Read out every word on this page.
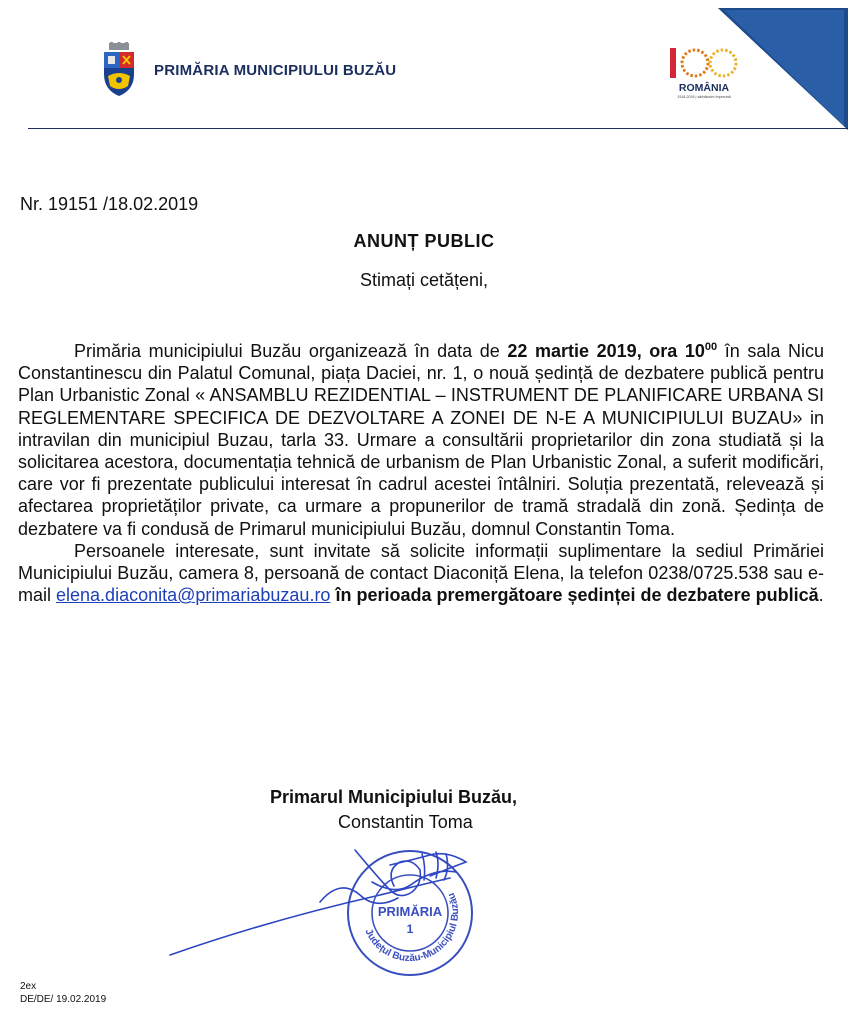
PRIMĂRIA MUNICIPIULUI BUZĂU
ROMÂNIA
1918-2018 | sărbătorim împreună
Nr. 19151 /18.02.2019
ANUNȚ PUBLIC
Stimați cetățeni,

Primăria municipiului Buzău organizează în data de 22 martie 2019, ora $10^{00}$ în sala Nicu Constantinescu din Palatul Comunal, piața Daciei, nr. 1, o nouă ședință de dezbatere publică pentru Plan Urbanistic Zonal « ANSAMBLU REZIDENTIAL – INSTRUMENT DE PLANIFICARE URBANA SI REGLEMENTARE SPECIFICA DE DEZVOLTARE A ZONEI DE N-E A MUNICIPIULUI BUZAU» in intravilan din municipiul Buzau, tarla 33. Urmare a consultării proprietarilor din zona studiată și la solicitarea acestora, documentația tehnică de urbanism de Plan Urbanistic Zonal, a suferit modificări, care vor fi prezentate publicului interesat în cadrul acestei întâlniri. Soluția prezentată, relevează și afectarea proprietăților private, ca urmare a propunerilor de tramă stradală din zonă. Ședința de dezbatere va fi condusă de Primarul municipiului Buzău, domnul Constantin Toma.

Persoanele interesate, sunt invitate să solicite informații suplimentare la sediul Primăriei Municipiului Buzău, camera 8, persoană de contact Diaconiță Elena, la telefon 0238/0725.538 sau e-mail elena.diaconita@primariabuzau.ro în perioada premergătoare ședinței de dezbatere publică.

Primarul Municipiului Buzău,
Constantin Toma
Județul Buzău-Municipiul Buzău
PRIMĂRIA
1
2ex
DE/DE/ 19.02.2019
